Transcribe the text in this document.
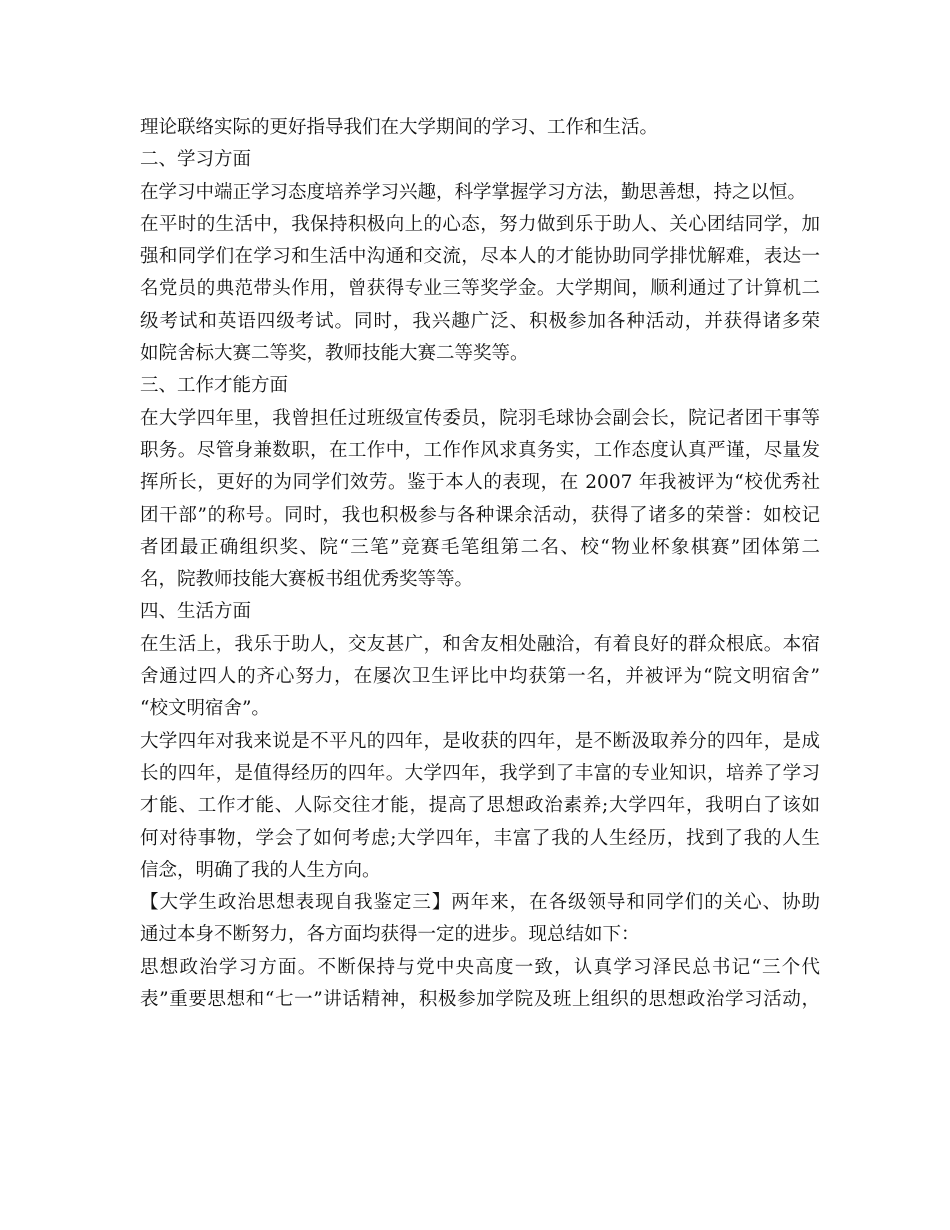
理论联络实际的更好指导我们在大学期间的学习、工作和生活。
二、学习方面
在学习中端正学习态度培养学习兴趣，科学掌握学习方法，勤思善想，持之以恒。
在平时的生活中，我保持积极向上的心态，努力做到乐于助人、关心团结同学，加
强和同学们在学习和生活中沟通和交流，尽本人的才能协助同学排忧解难，表达一
名党员的典范带头作用，曾获得专业三等奖学金。大学期间，顺利通过了计算机二
级考试和英语四级考试。同时，我兴趣广泛、积极参加各种活动，并获得诸多荣
如院舍标大赛二等奖，教师技能大赛二等奖等。
三、工作才能方面
在大学四年里，我曾担任过班级宣传委员，院羽毛球协会副会长，院记者团干事等
职务。尽管身兼数职，在工作中，工作作风求真务实，工作态度认真严谨，尽量发
挥所长，更好的为同学们效劳。鉴于本人的表现，在 2007 年我被评为“校优秀社
团干部”的称号。同时，我也积极参与各种课余活动，获得了诸多的荣誉：如校记
者团最正确组织奖、院“三笔”竞赛毛笔组第二名、校“物业杯象棋赛”团体第二
名，院教师技能大赛板书组优秀奖等等。
四、生活方面
在生活上，我乐于助人，交友甚广，和舍友相处融洽，有着良好的群众根底。本宿
舍通过四人的齐心努力，在屡次卫生评比中均获第一名，并被评为“院文明宿舍”
“校文明宿舍”。
大学四年对我来说是不平凡的四年，是收获的四年，是不断汲取养分的四年，是成
长的四年，是值得经历的四年。大学四年，我学到了丰富的专业知识，培养了学习
才能、工作才能、人际交往才能，提高了思想政治素养;大学四年，我明白了该如
何对待事物，学会了如何考虑;大学四年，丰富了我的人生经历，找到了我的人生
信念，明确了我的人生方向。
【大学生政治思想表现自我鉴定三】两年来，在各级领导和同学们的关心、协助
通过本身不断努力，各方面均获得一定的进步。现总结如下：
思想政治学习方面。不断保持与党中央高度一致，认真学习泽民总书记“三个代
表”重要思想和“七一”讲话精神，积极参加学院及班上组织的思想政治学习活动，
